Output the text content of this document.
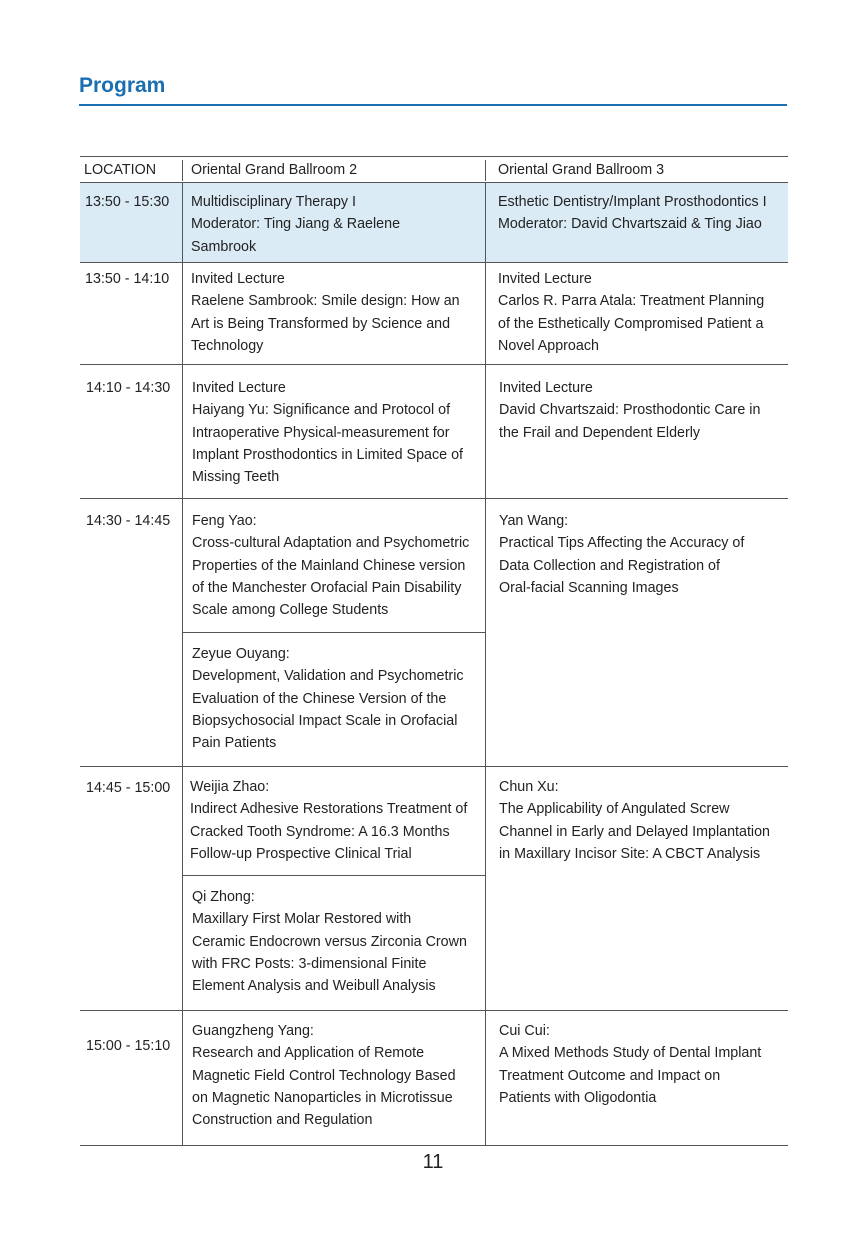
Program
LOCATION Oriental Grand Ballroom 2	Oriental Grand Ballroom 3
13:50 - 15:30 Multidisciplinary Therapy I
Moderator: Ting Jiang & Raelene
Sambrook
Esthetic Dentistry/Implant Prosthodontics I
Moderator: David Chvartszaid & Ting Jiao
13:50 - 14:10 Invited Lecture
Raelene Sambrook: Smile design: How an
Art is Being Transformed by Science and
Technology
Invited Lecture
Carlos R. Parra Atala: Treatment Planning
of the Esthetically Compromised Patient a
Novel Approach
14:10 - 14:30 Invited Lecture
Haiyang Yu: Significance and Protocol of
Intraoperative Physical-measurement for
Implant Prosthodontics in Limited Space of
Missing Teeth
Invited Lecture
David Chvartszaid: Prosthodontic Care in
the Frail and Dependent Elderly
14:30 - 14:45 Feng Yao:
Cross-cultural Adaptation and Psychometric
Properties of the Mainland Chinese version
of the Manchester Orofacial Pain Disability
Scale among College Students
Zeyue Ouyang:
Development, Validation and Psychometric
Evaluation of the Chinese Version of the
Biopsychosocial Impact Scale in Orofacial
Pain Patients
Yan Wang:
Practical Tips Affecting the Accuracy of
Data Collection and Registration of
Oral-facial Scanning Images
14:45 - 15:00 Weijia Zhao:
Indirect Adhesive Restorations Treatment of
Cracked Tooth Syndrome: A 16.3 Months
Follow-up Prospective Clinical Trial
Qi Zhong:
Maxillary First Molar Restored with
Ceramic Endocrown versus Zirconia Crown
with FRC Posts: 3-dimensional Finite
Element Analysis and Weibull Analysis
Chun Xu:
The Applicability of Angulated Screw
Channel in Early and Delayed Implantation
in Maxillary Incisor Site: A CBCT Analysis
15:00 - 15:10
Guangzheng Yang:
Research and Application of Remote
Magnetic Field Control Technology Based
on Magnetic Nanoparticles in Microtissue
Construction and Regulation
Cui Cui:
A Mixed Methods Study of Dental Implant
Treatment Outcome and Impact on
Patients with Oligodontia
11
